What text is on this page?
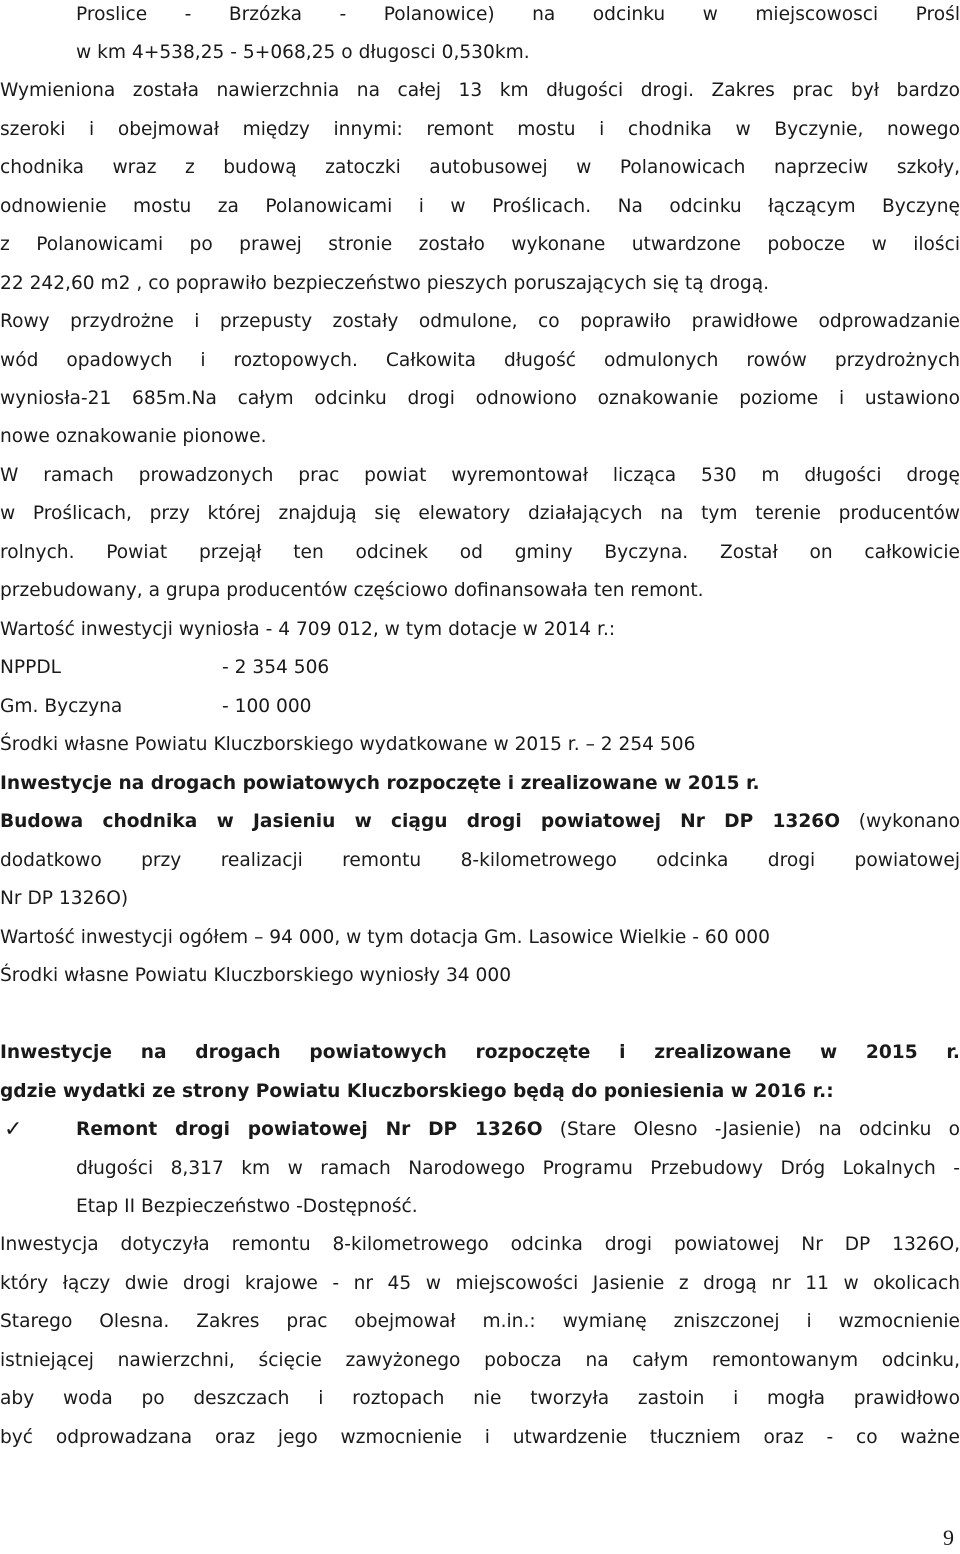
Proslice - Brzózka - Polanowice) na odcinku w miejscowosci Prośl
w km 4+538,25 - 5+068,25 o długosci 0,530km.
Wymieniona została nawierzchnia na całej 13 km długości drogi. Zakres prac był bardzo
szeroki i obejmował między innymi: remont mostu i chodnika w Byczynie, nowego
chodnika wraz z budową zatoczki autobusowej w Polanowicach naprzeciw szkoły,
odnowienie mostu za Polanowicami i w Proślicach. Na odcinku łączącym Byczynę
z Polanowicami po prawej stronie zostało wykonane utwardzone pobocze w ilości
22 242,60 m2 , co poprawiło bezpieczeństwo pieszych poruszających się tą drogą.
Rowy przydrożne i przepusty zostały odmulone, co poprawiło prawidłowe odprowadzanie
wód opadowych i roztopowych. Całkowita długość odmulonych rowów przydrożnych
wyniosła-21 685m.Na całym odcinku drogi odnowiono oznakowanie poziome i ustawiono
nowe oznakowanie pionowe.
W ramach prowadzonych prac powiat wyremontował licząca 530 m długości drogę
w Proślicach, przy której znajdują się elewatory działających na tym terenie producentów
rolnych. Powiat przejął ten odcinek od gminy Byczyna. Został on całkowicie
przebudowany, a grupa producentów częściowo dofinansowała ten remont.
Wartość inwestycji wyniosła - 4 709 012, w tym dotacje w 2014 r.:
NPPDL	- 2 354 506
Gm. Byczyna	- 100 000
Środki własne Powiatu Kluczborskiego wydatkowane w 2015 r. – 2 254 506
Inwestycje na drogach powiatowych rozpoczęte i zrealizowane w 2015 r.
Budowa chodnika w Jasieniu w ciągu drogi powiatowej Nr DP 1326O (wykonano
dodatkowo przy realizacji remontu 8-kilometrowego odcinka drogi powiatowej
Nr DP 1326O)
Wartość inwestycji ogółem – 94 000, w tym dotacja Gm. Lasowice Wielkie - 60 000
Środki własne Powiatu Kluczborskiego wyniosły 34 000
Inwestycje na drogach powiatowych rozpoczęte i zrealizowane w 2015 r.
gdzie wydatki ze strony Powiatu Kluczborskiego będą do poniesienia w 2016 r.:
✓	Remont drogi powiatowej Nr DP 1326O (Stare Olesno -Jasienie) na odcinku o
długości 8,317 km w ramach Narodowego Programu Przebudowy Dróg Lokalnych -
Etap II Bezpieczeństwo -Dostępność.
Inwestycja dotyczyła remontu 8-kilometrowego odcinka drogi powiatowej Nr DP 1326O,
który łączy dwie drogi krajowe - nr 45 w miejscowości Jasienie z drogą nr 11 w okolicach
Starego Olesna. Zakres prac obejmował m.in.: wymianę zniszczonej i wzmocnienie
istniejącej nawierzchni, ścięcie zawyżonego pobocza na całym remontowanym odcinku,
aby woda po deszczach i roztopach nie tworzyła zastoin i mogła prawidłowo
być odprowadzana oraz jego wzmocnienie i utwardzenie tłuczniem oraz - co ważne
9
